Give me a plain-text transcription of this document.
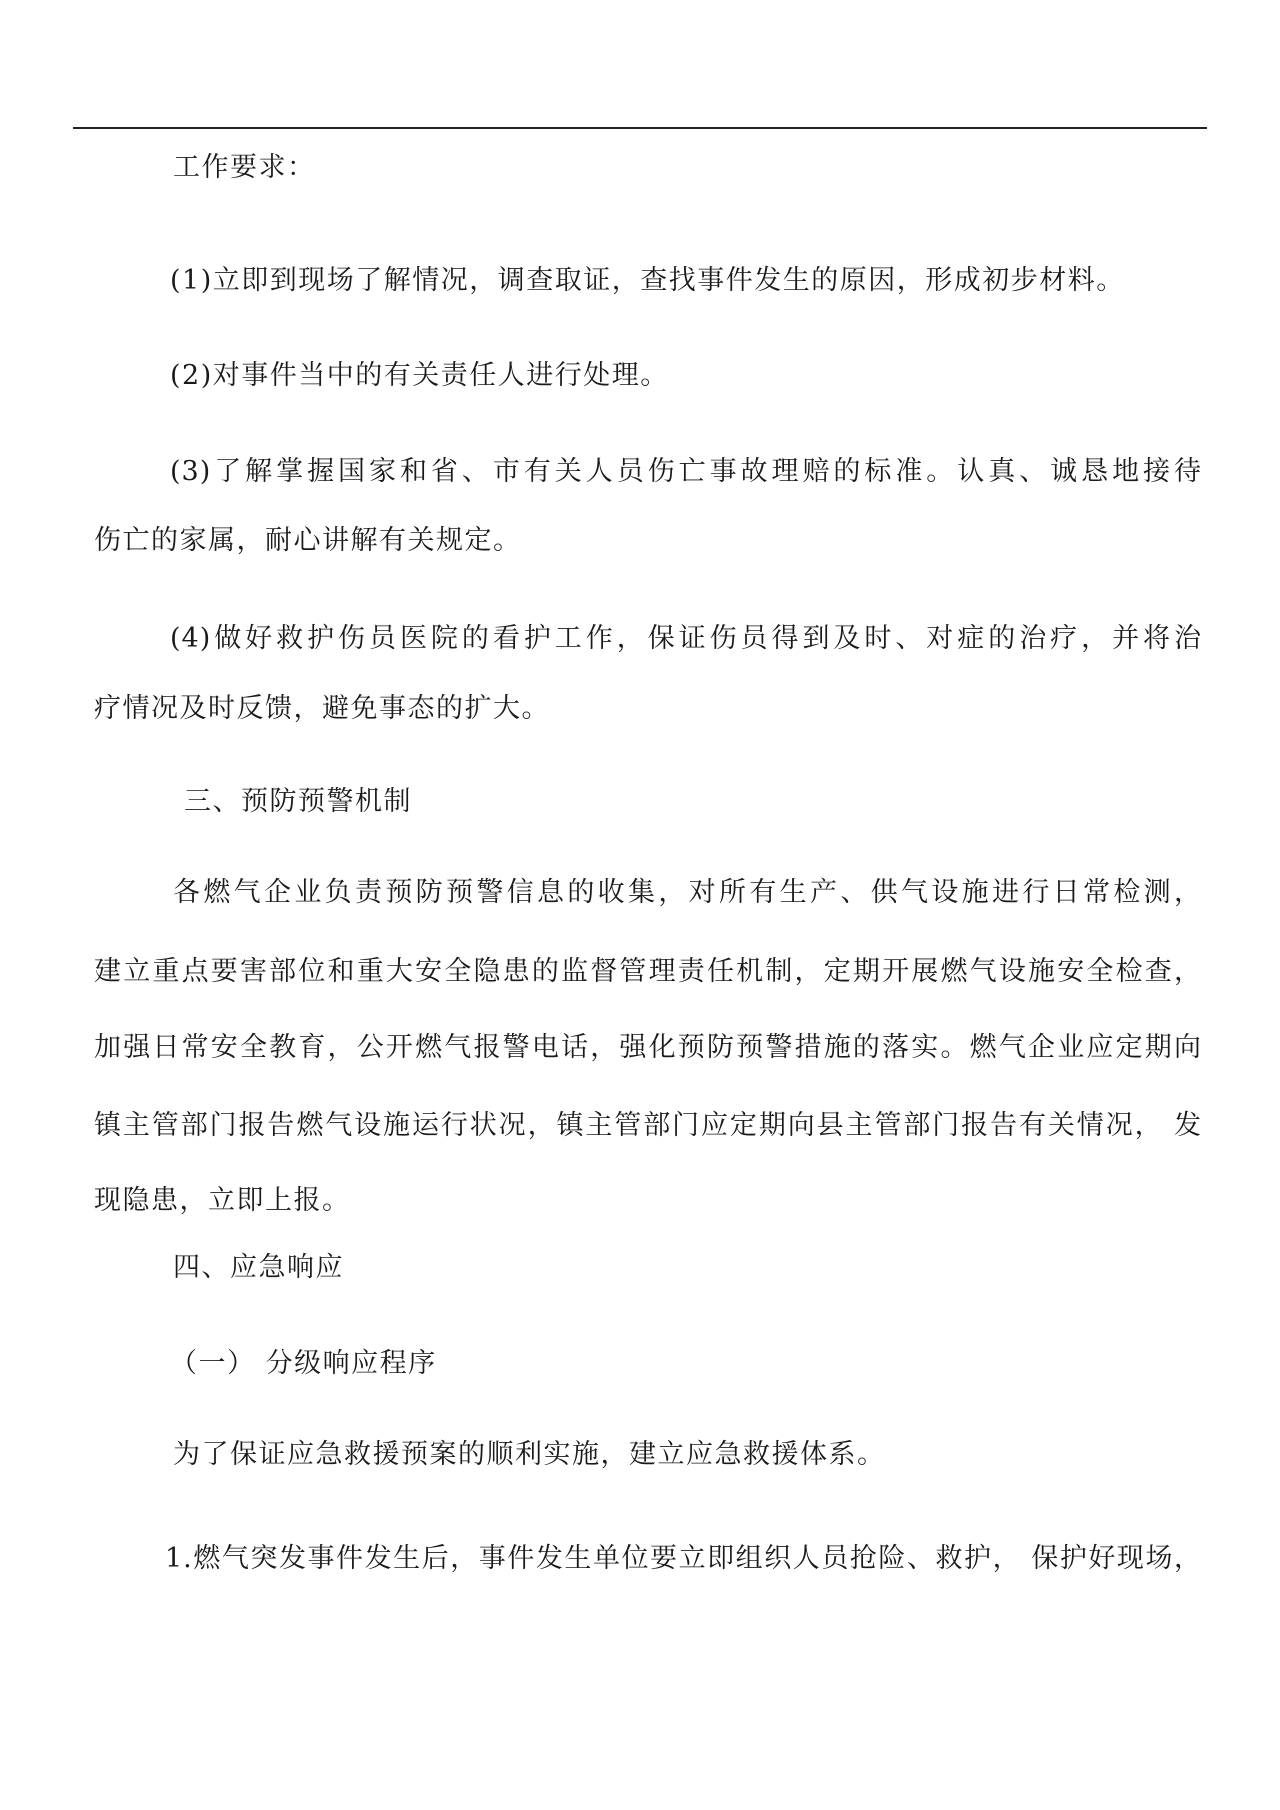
工作要求：
(1)立即到现场了解情况，调查取证，查找事件发生的原因，形成初步材料。
(2)对事件当中的有关责任人进行处理。
(3)了解掌握国家和省、市有关人员伤亡事故理赔的标准。认真、诚恳地接待
伤亡的家属，耐心讲解有关规定。
(4)做好救护伤员医院的看护工作，保证伤员得到及时、对症的治疗，并将治
疗情况及时反馈，避免事态的扩大。
三、预防预警机制
各燃气企业负责预防预警信息的收集，对所有生产、供气设施进行日常检测，
建立重点要害部位和重大安全隐患的监督管理责任机制，定期开展燃气设施安全检查，
加强日常安全教育，公开燃气报警电话，强化预防预警措施的落实。燃气企业应定期向
镇主管部门报告燃气设施运行状况，镇主管部门应定期向县主管部门报告有关情况， 发
现隐患，立即上报。
四、应急响应
（一） 分级响应程序
为了保证应急救援预案的顺利实施，建立应急救援体系。
1.燃气突发事件发生后，事件发生单位要立即组织人员抢险、救护， 保护好现场，
